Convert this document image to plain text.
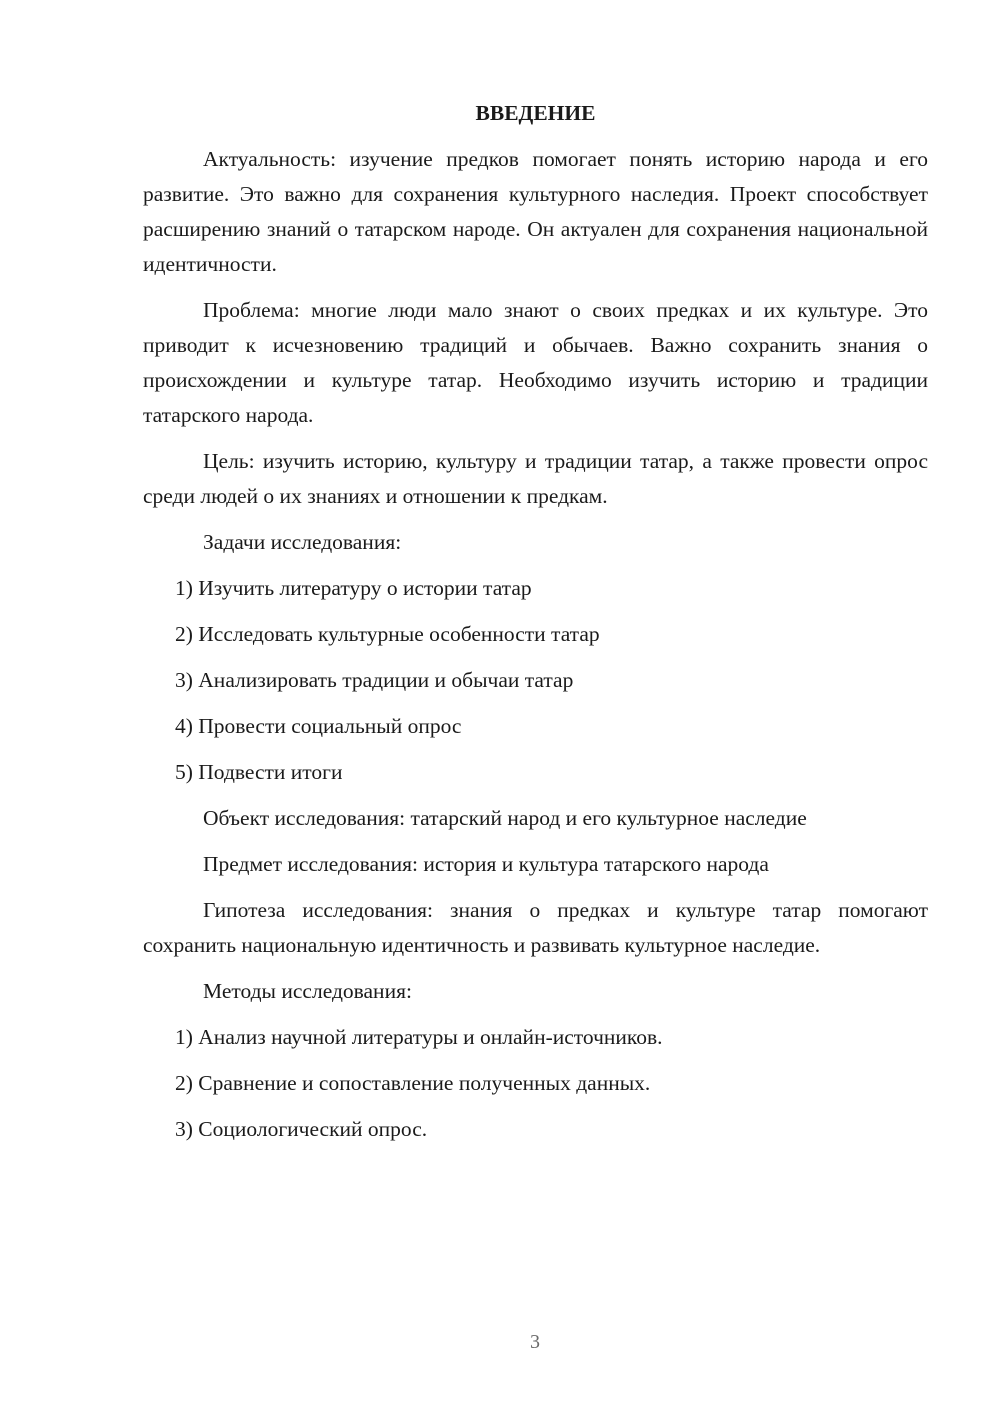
ВВЕДЕНИЕ

Актуальность: изучение предков помогает понять историю народа и его развитие. Это важно для сохранения культурного наследия. Проект способствует расширению знаний о татарском народе. Он актуален для сохранения национальной идентичности.

Проблема: многие люди мало знают о своих предках и их культуре. Это приводит к исчезновению традиций и обычаев. Важно сохранить знания о происхождении и культуре татар. Необходимо изучить историю и традиции татарского народа.

Цель: изучить историю, культуру и традиции татар, а также провести опрос среди людей о их знаниях и отношении к предкам.

Задачи исследования:
1) Изучить литературу о истории татар
2) Исследовать культурные особенности татар
3) Анализировать традиции и обычаи татар
4) Провести социальный опрос
5) Подвести итоги
Объект исследования: татарский народ и его культурное наследие
Предмет исследования: история и культура татарского народа

Гипотеза исследования: знания о предках и культуре татар помогают сохранить национальную идентичность и развивать культурное наследие.

Методы исследования:
1) Анализ научной литературы и онлайн-источников.
2) Сравнение и сопоставление полученных данных.
3) Социологический опрос.
3
